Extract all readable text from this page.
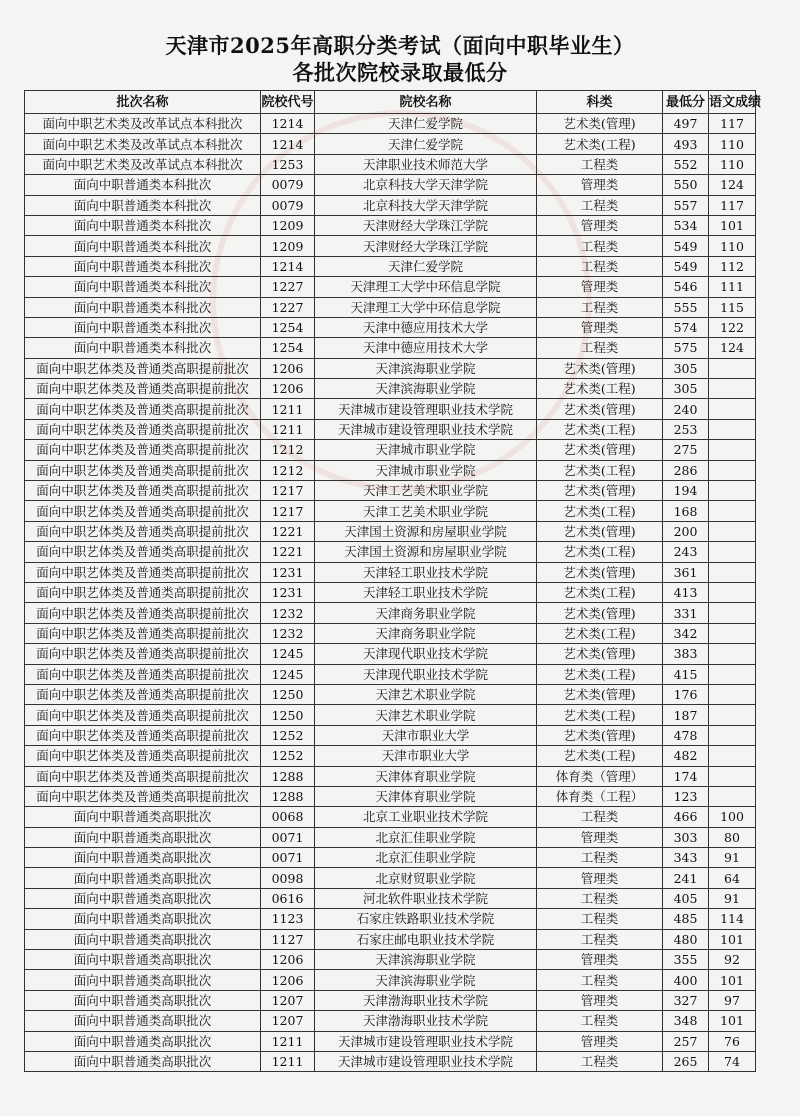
天津市2025年高职分类考试（面向中职毕业生）
各批次院校录取最低分
批次名称	院校代号	院校名称	科类	最低分	语文成绩
面向中职艺术类及改革试点本科批次	1214	天津仁爱学院	艺术类(管理)	497	117
面向中职艺术类及改革试点本科批次	1214	天津仁爱学院	艺术类(工程)	493	110
面向中职艺术类及改革试点本科批次	1253	天津职业技术师范大学	工程类	552	110
面向中职普通类本科批次	0079	北京科技大学天津学院	管理类	550	124
面向中职普通类本科批次	0079	北京科技大学天津学院	工程类	557	117
面向中职普通类本科批次	1209	天津财经大学珠江学院	管理类	534	101
面向中职普通类本科批次	1209	天津财经大学珠江学院	工程类	549	110
面向中职普通类本科批次	1214	天津仁爱学院	工程类	549	112
面向中职普通类本科批次	1227	天津理工大学中环信息学院	管理类	546	111
面向中职普通类本科批次	1227	天津理工大学中环信息学院	工程类	555	115
面向中职普通类本科批次	1254	天津中德应用技术大学	管理类	574	122
面向中职普通类本科批次	1254	天津中德应用技术大学	工程类	575	124
面向中职艺体类及普通类高职提前批次	1206	天津滨海职业学院	艺术类(管理)	305	
面向中职艺体类及普通类高职提前批次	1206	天津滨海职业学院	艺术类(工程)	305	
面向中职艺体类及普通类高职提前批次	1211	天津城市建设管理职业技术学院	艺术类(管理)	240	
面向中职艺体类及普通类高职提前批次	1211	天津城市建设管理职业技术学院	艺术类(工程)	253	
面向中职艺体类及普通类高职提前批次	1212	天津城市职业学院	艺术类(管理)	275	
面向中职艺体类及普通类高职提前批次	1212	天津城市职业学院	艺术类(工程)	286	
面向中职艺体类及普通类高职提前批次	1217	天津工艺美术职业学院	艺术类(管理)	194	
面向中职艺体类及普通类高职提前批次	1217	天津工艺美术职业学院	艺术类(工程)	168	
面向中职艺体类及普通类高职提前批次	1221	天津国土资源和房屋职业学院	艺术类(管理)	200	
面向中职艺体类及普通类高职提前批次	1221	天津国土资源和房屋职业学院	艺术类(工程)	243	
面向中职艺体类及普通类高职提前批次	1231	天津轻工职业技术学院	艺术类(管理)	361	
面向中职艺体类及普通类高职提前批次	1231	天津轻工职业技术学院	艺术类(工程)	413	
面向中职艺体类及普通类高职提前批次	1232	天津商务职业学院	艺术类(管理)	331	
面向中职艺体类及普通类高职提前批次	1232	天津商务职业学院	艺术类(工程)	342	
面向中职艺体类及普通类高职提前批次	1245	天津现代职业技术学院	艺术类(管理)	383	
面向中职艺体类及普通类高职提前批次	1245	天津现代职业技术学院	艺术类(工程)	415	
面向中职艺体类及普通类高职提前批次	1250	天津艺术职业学院	艺术类(管理)	176	
面向中职艺体类及普通类高职提前批次	1250	天津艺术职业学院	艺术类(工程)	187	
面向中职艺体类及普通类高职提前批次	1252	天津市职业大学	艺术类(管理)	478	
面向中职艺体类及普通类高职提前批次	1252	天津市职业大学	艺术类(工程)	482	
面向中职艺体类及普通类高职提前批次	1288	天津体育职业学院	体育类（管理）	174	
面向中职艺体类及普通类高职提前批次	1288	天津体育职业学院	体育类（工程）	123	
面向中职普通类高职批次	0068	北京工业职业技术学院	工程类	466	100
面向中职普通类高职批次	0071	北京汇佳职业学院	管理类	303	80
面向中职普通类高职批次	0071	北京汇佳职业学院	工程类	343	91
面向中职普通类高职批次	0098	北京财贸职业学院	管理类	241	64
面向中职普通类高职批次	0616	河北软件职业技术学院	工程类	405	91
面向中职普通类高职批次	1123	石家庄铁路职业技术学院	工程类	485	114
面向中职普通类高职批次	1127	石家庄邮电职业技术学院	工程类	480	101
面向中职普通类高职批次	1206	天津滨海职业学院	管理类	355	92
面向中职普通类高职批次	1206	天津滨海职业学院	工程类	400	101
面向中职普通类高职批次	1207	天津渤海职业技术学院	管理类	327	97
面向中职普通类高职批次	1207	天津渤海职业技术学院	工程类	348	101
面向中职普通类高职批次	1211	天津城市建设管理职业技术学院	管理类	257	76
面向中职普通类高职批次	1211	天津城市建设管理职业技术学院	工程类	265	74
